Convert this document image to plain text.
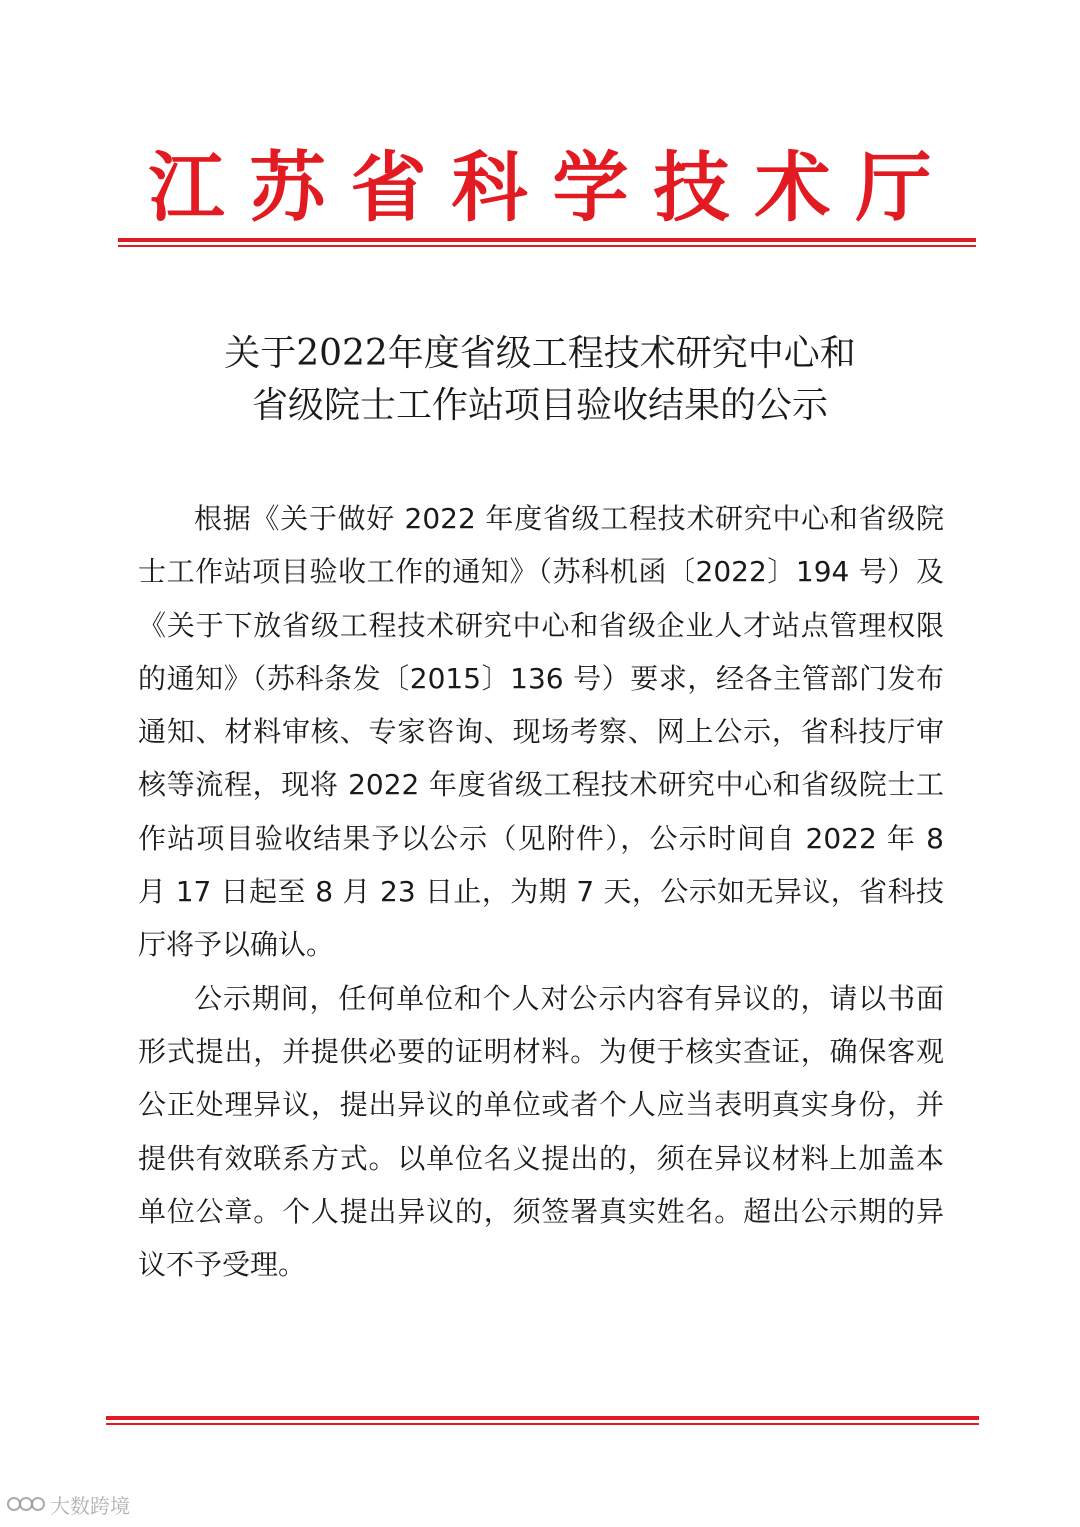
江苏省科学技术厅
关于2022年度省级工程技术研究中心和
省级院士工作站项目验收结果的公示

根据《关于做好 2022 年度省级工程技术研究中心和省级院士工作站项目验收工作的通知》（苏科机函〔2022〕194 号）及《关于下放省级工程技术研究中心和省级企业人才站点管理权限的通知》（苏科条发〔2015〕136 号）要求，经各主管部门发布通知、材料审核、专家咨询、现场考察、网上公示，省科技厅审核等流程，现将 2022 年度省级工程技术研究中心和省级院士工作站项目验收结果予以公示（见附件），公示时间自 2022 年 8 月 17 日起至 8 月 23 日止，为期 7 天，公示如无异议，省科技厅将予以确认。

公示期间，任何单位和个人对公示内容有异议的，请以书面形式提出，并提供必要的证明材料。为便于核实查证，确保客观公正处理异议，提出异议的单位或者个人应当表明真实身份，并提供有效联系方式。以单位名义提出的，须在异议材料上加盖本单位公章。个人提出异议的，须签署真实姓名。超出公示期的异议不予受理。

大数跨境
